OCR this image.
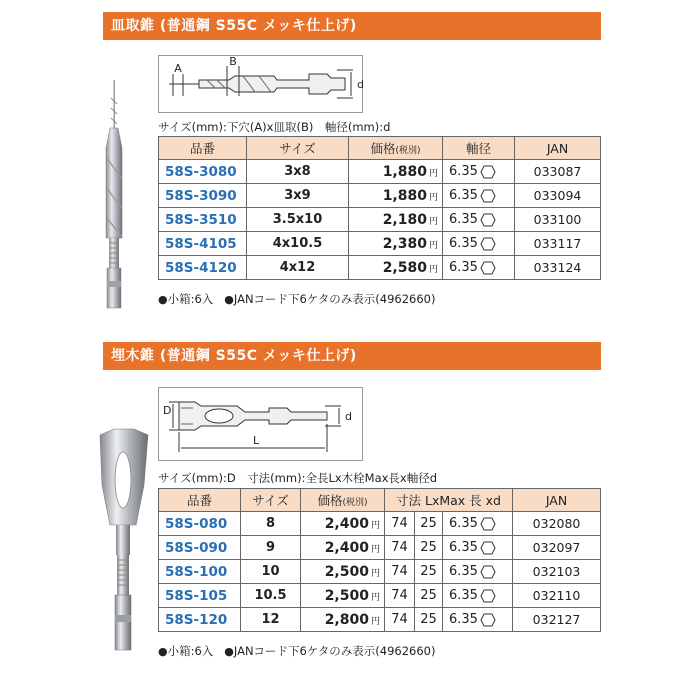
皿取錐 (普通鋼 S55C メッキ仕上げ)
A
B
d
サイズ(mm):下穴(A)x皿取(B)　軸径(mm):d
品番	サイズ	価格(税別)	軸径	JAN
58S-3080	3x8	1,880 円	6.35	033087
58S-3090	3x9	1,880 円	6.35	033094
58S-3510	3.5x10	2,180 円	6.35	033100
58S-4105	4x10.5	2,380 円	6.35	033117
58S-4120	4x12	2,580 円	6.35	033124
●小箱:6入 ●JANコード下6ケタのみ表示(4962660)
埋木錐 (普通鋼 S55C メッキ仕上げ)
D	d
L
サイズ(mm):D　寸法(mm):全長Lx木栓Max長x軸径d
品番	サイズ	価格(税別)	寸法 LxMax 長 xd			JAN
58S-080	8	2,400 円	74	25	6.35	032080
58S-090	9	2,400 円	74	25	6.35	032097
58S-100	10	2,500 円	74	25	6.35	032103
58S-105	10.5	2,500 円	74	25	6.35	032110
58S-120	12	2,800 円	74	25	6.35	032127
●小箱:6入 ●JANコード下6ケタのみ表示(4962660)
